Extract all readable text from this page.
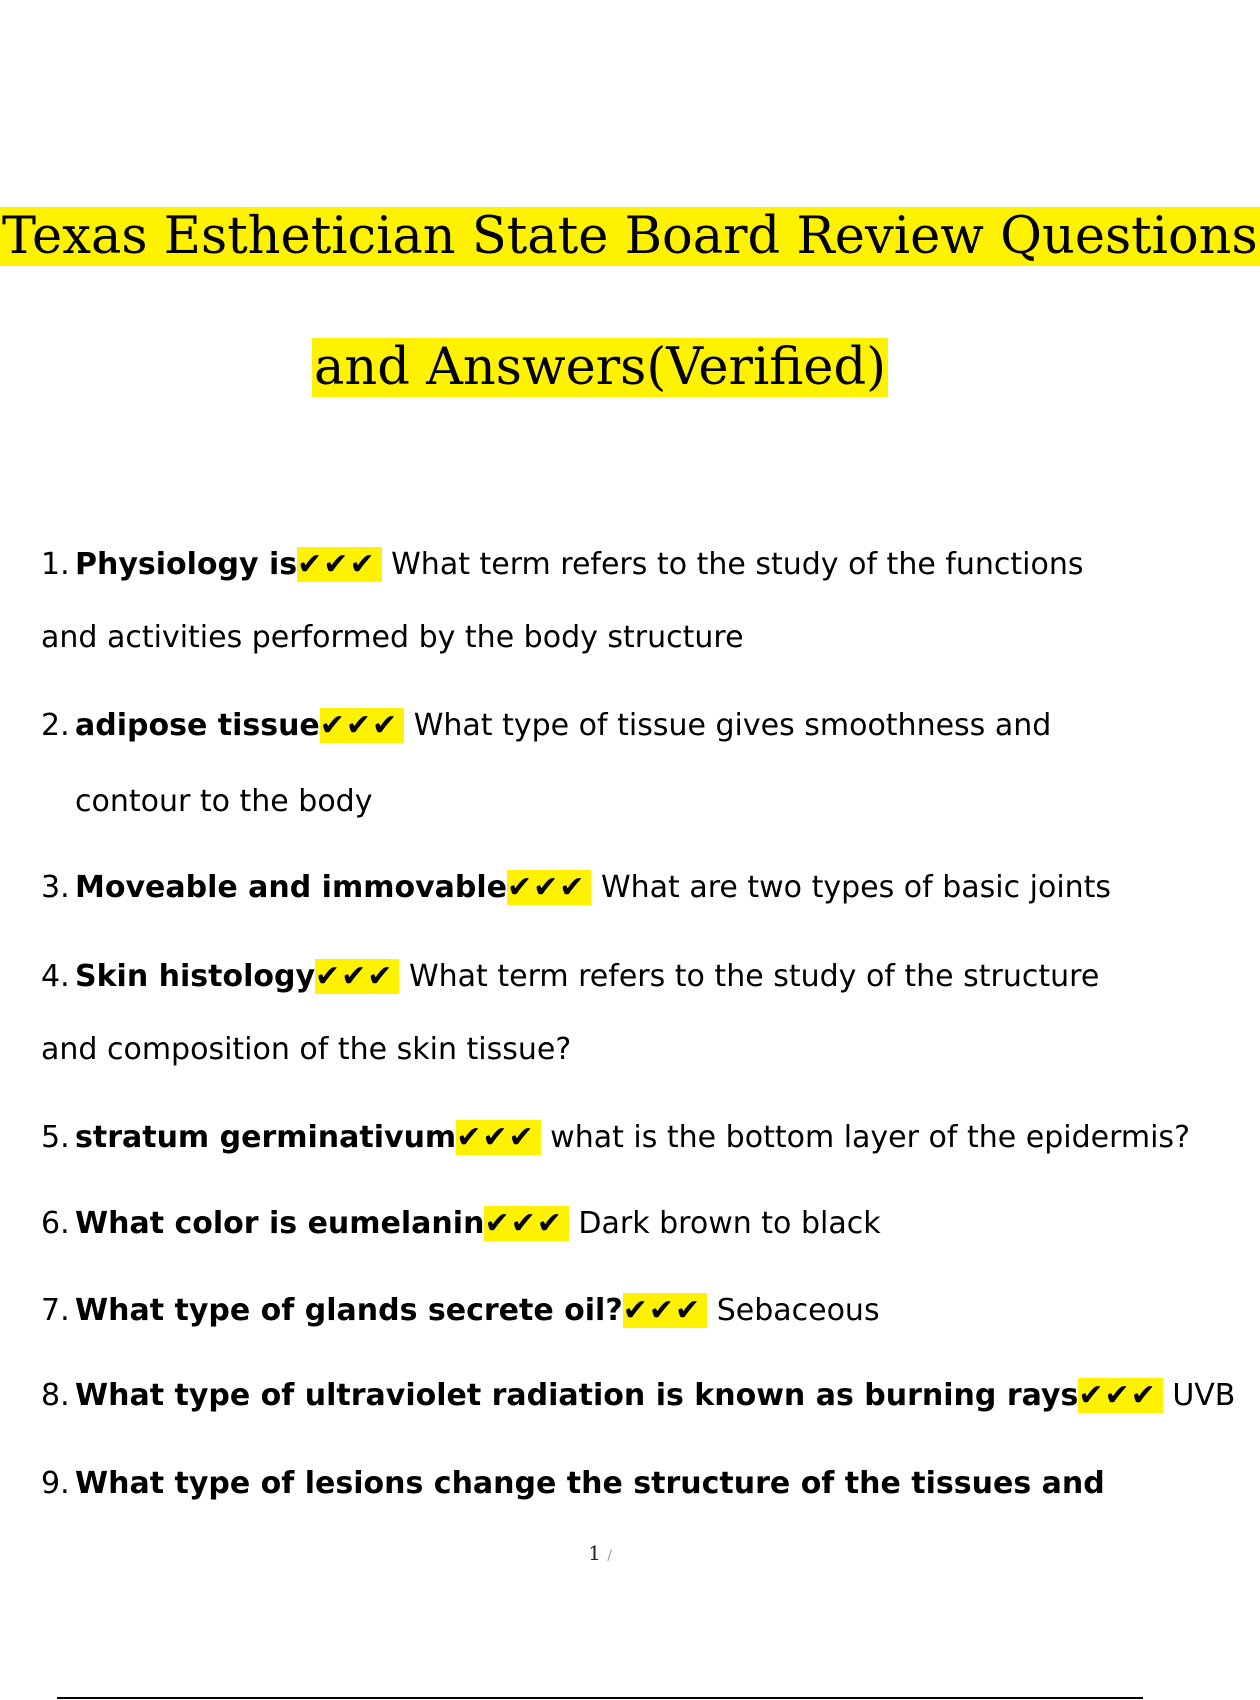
Texas Esthetician State Board Review Questions
and Answers(Verified)
1. Physiology is✔✔✔ What term refers to the study of the functions
and activities performed by the body structure
2. adipose tissue✔✔✔ What type of tissue gives smoothness and
contour to the body
3. Moveable and immovable✔✔✔ What are two types of basic joints
4. Skin histology✔✔✔ What term refers to the study of the structure
and composition of the skin tissue?
5. stratum germinativum✔✔✔ what is the bottom layer of the epidermis?
6. What color is eumelanin✔✔✔ Dark brown to black
7. What type of glands secrete oil?✔✔✔ Sebaceous
8. What type of ultraviolet radiation is known as burning rays✔✔✔ UVB
9. What type of lesions change the structure of the tissues and
1 /
